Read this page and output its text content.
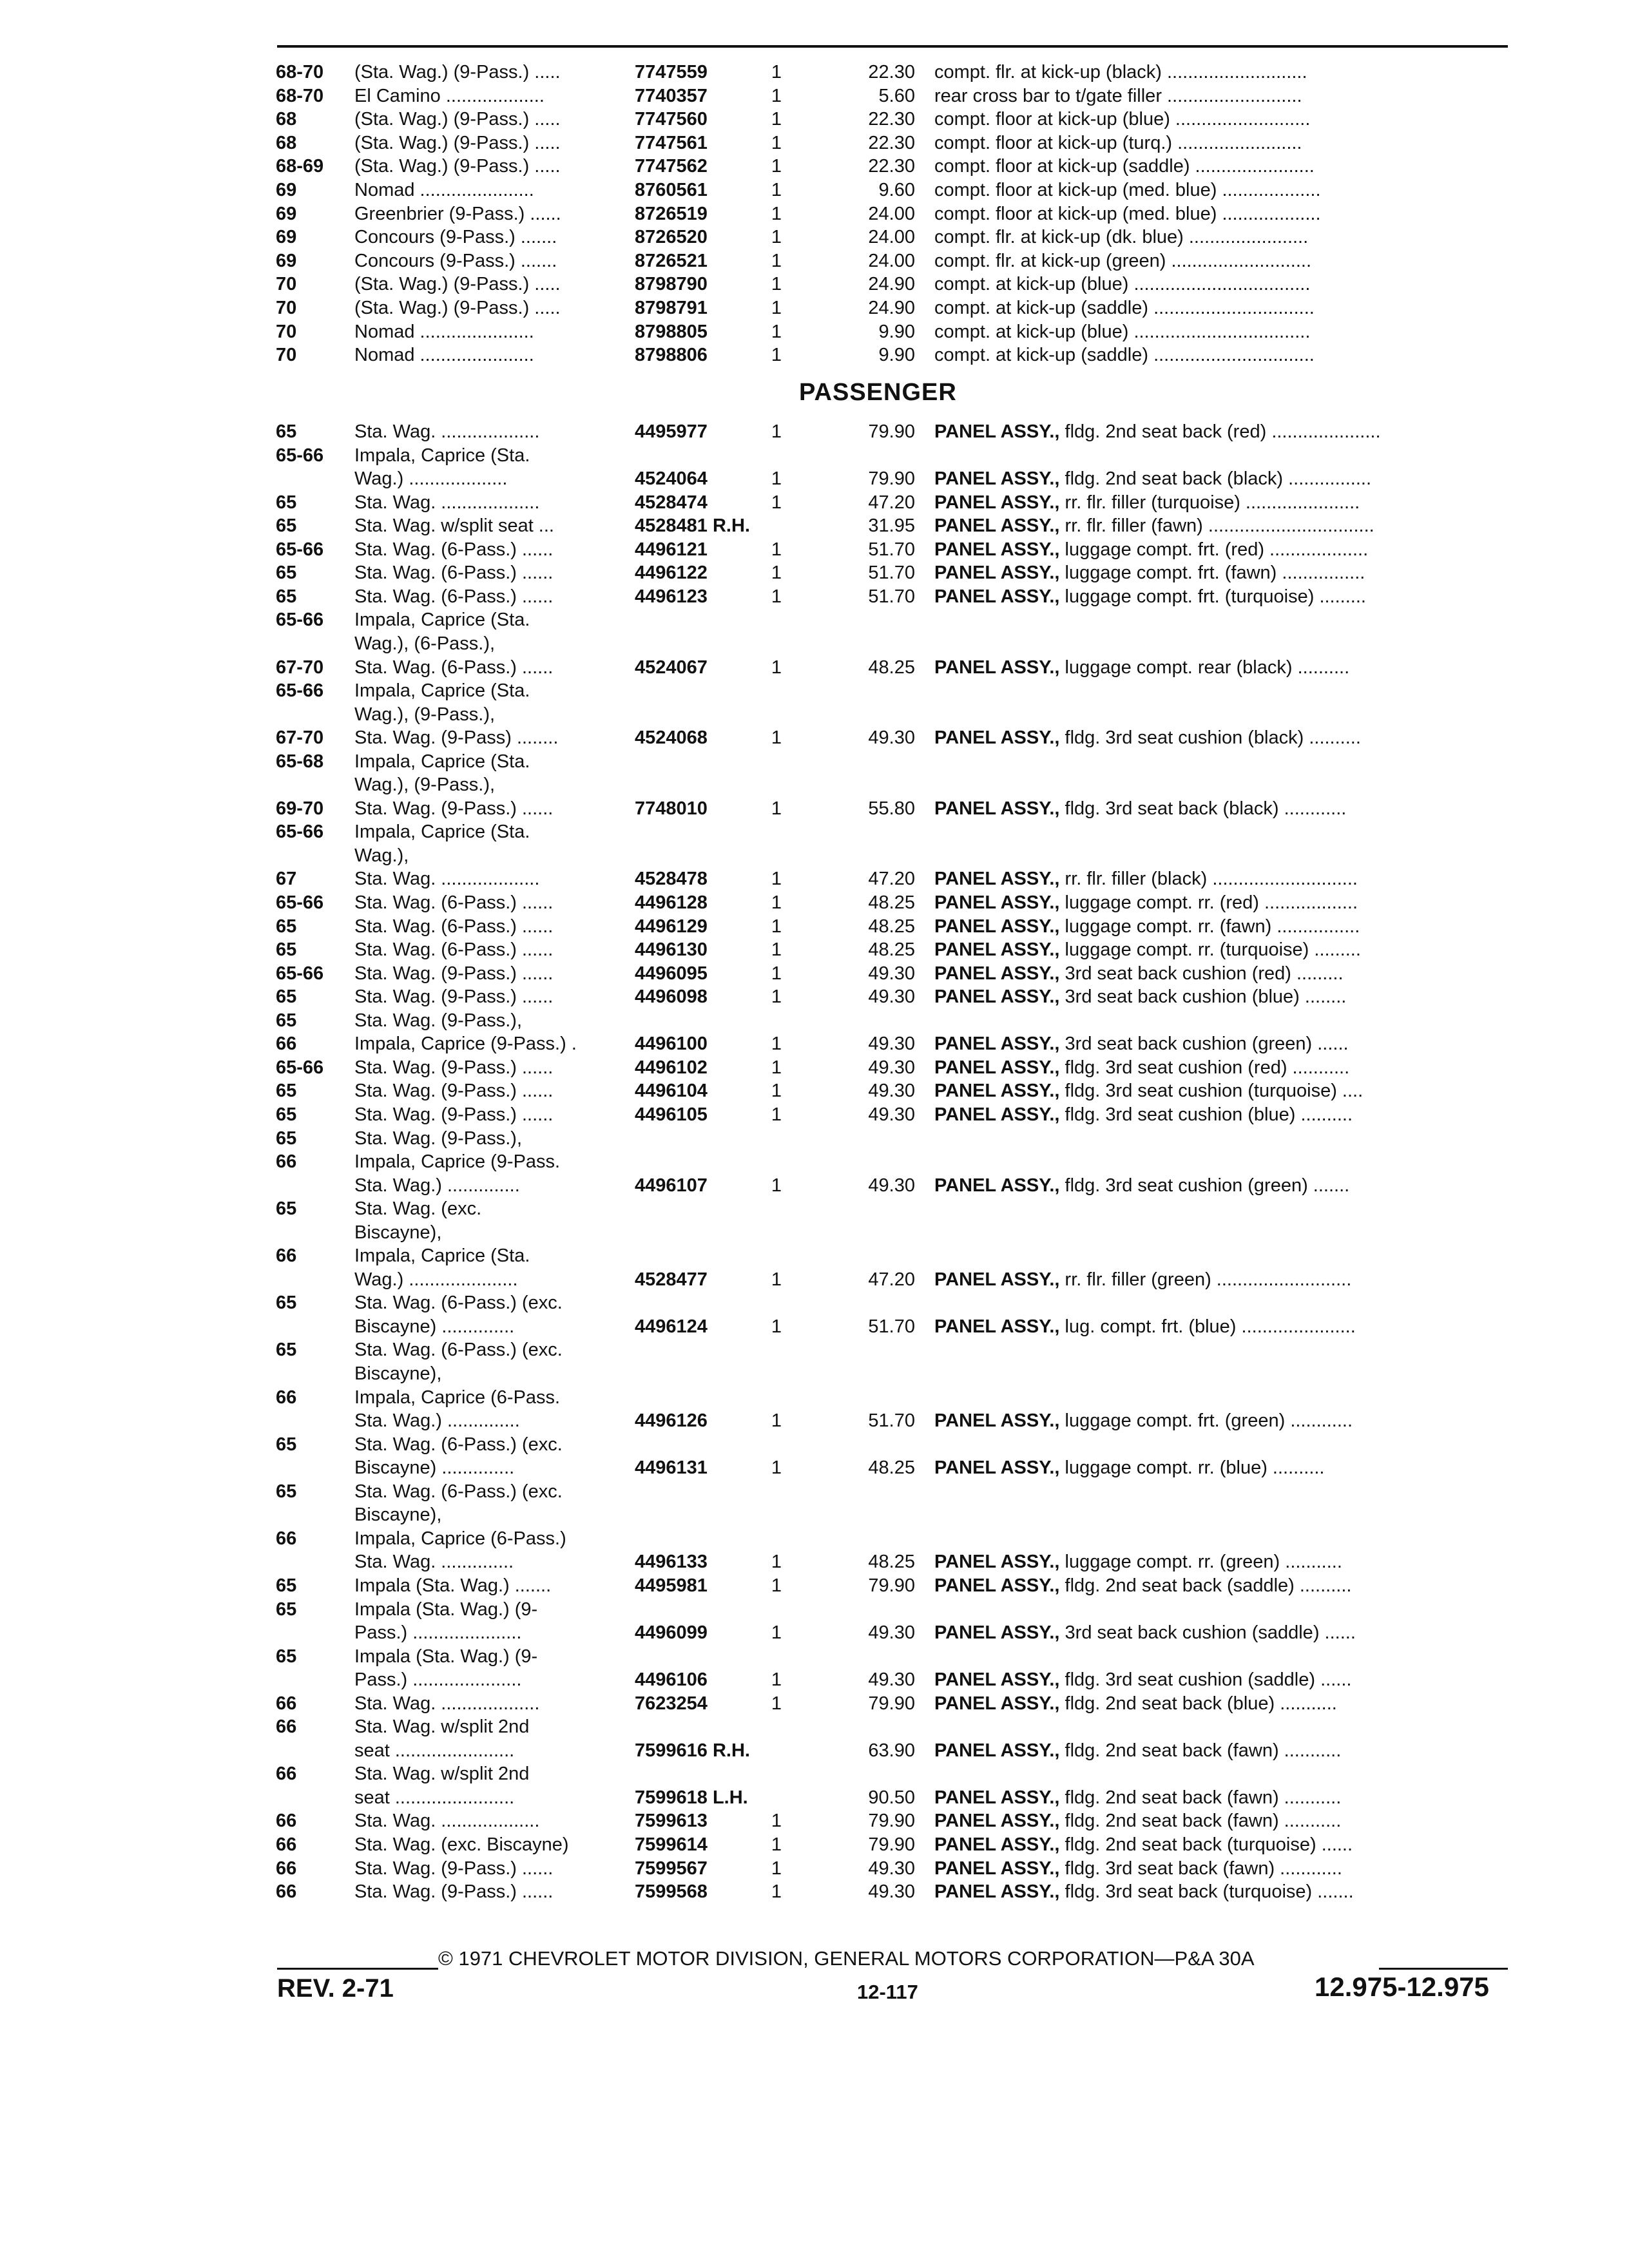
68-70 (Sta. Wag.) (9-Pass.) .....	7747559	1	22.30 compt. flr. at kick-up (black) ...........................
68-70 El Camino ...................	7740357	1	5.60 rear cross bar to t/gate filler ..........................
68	(Sta. Wag.) (9-Pass.) .....	7747560	1	22.30 compt. floor at kick-up (blue) ..........................
68	(Sta. Wag.) (9-Pass.) .....	7747561	1	22.30 compt. floor at kick-up (turq.) ........................
68-69 (Sta. Wag.) (9-Pass.) .....	7747562	1	22.30 compt. floor at kick-up (saddle) .......................
69	Nomad ......................	8760561	1	9.60 compt. floor at kick-up (med. blue) ...................
69	Greenbrier (9-Pass.) ......	8726519	1	24.00 compt. floor at kick-up (med. blue) ...................
69	Concours (9-Pass.) .......	8726520	1	24.00 compt. flr. at kick-up (dk. blue) .......................
69	Concours (9-Pass.) .......	8726521	1	24.00 compt. flr. at kick-up (green) ...........................
70	(Sta. Wag.) (9-Pass.) .....	8798790	1	24.90 compt. at kick-up (blue) ..................................
70	(Sta. Wag.) (9-Pass.) .....	8798791	1	24.90 compt. at kick-up (saddle) ...............................
70	Nomad ......................	8798805	1	9.90 compt. at kick-up (blue) ..................................
70	Nomad ......................	8798806	1	9.90 compt. at kick-up (saddle) ...............................
65	Sta. Wag. ...................	4495977	1	79.90 PANEL ASSY., fldg. 2nd seat back (red) .....................
65-66 Impala, Caprice (Sta.
Wag.) ...................	4524064	1	79.90 PANEL ASSY., fldg. 2nd seat back (black) ................
65	Sta. Wag. ...................	4528474	1	47.20 PANEL ASSY., rr. flr. filler (turquoise) ......................
65	Sta. Wag. w/split seat ...	4528481 R.H.	31.95 PANEL ASSY., rr. flr. filler (fawn) ................................
65-66 Sta. Wag. (6-Pass.) ......	4496121	1	51.70 PANEL ASSY., luggage compt. frt. (red) ...................
65	Sta. Wag. (6-Pass.) ......	4496122	1	51.70 PANEL ASSY., luggage compt. frt. (fawn) ................
65	Sta. Wag. (6-Pass.) ......	4496123	1	51.70 PANEL ASSY., luggage compt. frt. (turquoise) .........
65-66 Impala, Caprice (Sta.
Wag.), (6-Pass.),
67-70 Sta. Wag. (6-Pass.) ......	4524067	1	48.25 PANEL ASSY., luggage compt. rear (black) ..........
65-66 Impala, Caprice (Sta.
Wag.), (9-Pass.),
67-70 Sta. Wag. (9-Pass) ........	4524068	1	49.30 PANEL ASSY., fldg. 3rd seat cushion (black) ..........
65-68 Impala, Caprice (Sta.
Wag.), (9-Pass.),
69-70 Sta. Wag. (9-Pass.) ......	7748010	1	55.80 PANEL ASSY., fldg. 3rd seat back (black) ............
65-66 Impala, Caprice (Sta.
Wag.),
67	Sta. Wag. ...................	4528478	1	47.20 PANEL ASSY., rr. flr. filler (black) ............................
65-66 Sta. Wag. (6-Pass.) ......	4496128	1	48.25 PANEL ASSY., luggage compt. rr. (red) ..................
65	Sta. Wag. (6-Pass.) ......	4496129	1	48.25 PANEL ASSY., luggage compt. rr. (fawn) ................
65	Sta. Wag. (6-Pass.) ......	4496130	1	48.25 PANEL ASSY., luggage compt. rr. (turquoise) .........
65-66 Sta. Wag. (9-Pass.) ......	4496095	1	49.30 PANEL ASSY., 3rd seat back cushion (red) .........
65	Sta. Wag. (9-Pass.) ......	4496098	1	49.30 PANEL ASSY., 3rd seat back cushion (blue) ........
65	Sta. Wag. (9-Pass.),
66	Impala, Caprice (9-Pass.) .	4496100	1	49.30 PANEL ASSY., 3rd seat back cushion (green) ......
65-66 Sta. Wag. (9-Pass.) ......	4496102	1	49.30 PANEL ASSY., fldg. 3rd seat cushion (red) ...........
65	Sta. Wag. (9-Pass.) ......	4496104	1	49.30 PANEL ASSY., fldg. 3rd seat cushion (turquoise) ....
65	Sta. Wag. (9-Pass.) ......	4496105	1	49.30 PANEL ASSY., fldg. 3rd seat cushion (blue) ..........
65	Sta. Wag. (9-Pass.),
66	Impala, Caprice (9-Pass.
Sta. Wag.) ..............	4496107	1	49.30 PANEL ASSY., fldg. 3rd seat cushion (green) .......
65	Sta. Wag. (exc.
Biscayne),
66	Impala, Caprice (Sta.
Wag.) .....................	4528477	1	47.20 PANEL ASSY., rr. flr. filler (green) ..........................
65	Sta. Wag. (6-Pass.) (exc.
Biscayne) ..............	4496124	1	51.70 PANEL ASSY., lug. compt. frt. (blue) ......................
65	Sta. Wag. (6-Pass.) (exc.
Biscayne),
66	Impala, Caprice (6-Pass.
Sta. Wag.) ..............	4496126	1	51.70 PANEL ASSY., luggage compt. frt. (green) ............
65	Sta. Wag. (6-Pass.) (exc.
Biscayne) ..............	4496131	1	48.25 PANEL ASSY., luggage compt. rr. (blue) ..........
65	Sta. Wag. (6-Pass.) (exc.
Biscayne),
66	Impala, Caprice (6-Pass.)
Sta. Wag. ..............	4496133	1	48.25 PANEL ASSY., luggage compt. rr. (green) ...........
65	Impala (Sta. Wag.) .......	4495981	1	79.90 PANEL ASSY., fldg. 2nd seat back (saddle) ..........
65	Impala (Sta. Wag.) (9-
Pass.) .....................	4496099	1	49.30 PANEL ASSY., 3rd seat back cushion (saddle) ......
65	Impala (Sta. Wag.) (9-
Pass.) .....................	4496106	1	49.30 PANEL ASSY., fldg. 3rd seat cushion (saddle) ......
66	Sta. Wag. ...................	7623254	1	79.90 PANEL ASSY., fldg. 2nd seat back (blue) ...........
66	Sta. Wag. w/split 2nd
seat .......................	7599616 R.H.	63.90 PANEL ASSY., fldg. 2nd seat back (fawn) ...........
66	Sta. Wag. w/split 2nd
seat .......................	7599618 L.H.	90.50 PANEL ASSY., fldg. 2nd seat back (fawn) ...........
66	Sta. Wag. ...................	7599613	1	79.90 PANEL ASSY., fldg. 2nd seat back (fawn) ...........
66	Sta. Wag. (exc. Biscayne)	7599614	1	79.90 PANEL ASSY., fldg. 2nd seat back (turquoise) ......
66	Sta. Wag. (9-Pass.) ......	7599567	1	49.30 PANEL ASSY., fldg. 3rd seat back (fawn) ............
66	Sta. Wag. (9-Pass.) ......	7599568	1	49.30 PANEL ASSY., fldg. 3rd seat back (turquoise) .......
PASSENGER
© 1971 CHEVROLET MOTOR DIVISION, GENERAL MOTORS CORPORATION—P&A 30A
REV. 2-71	12-117	12.975-12.975
